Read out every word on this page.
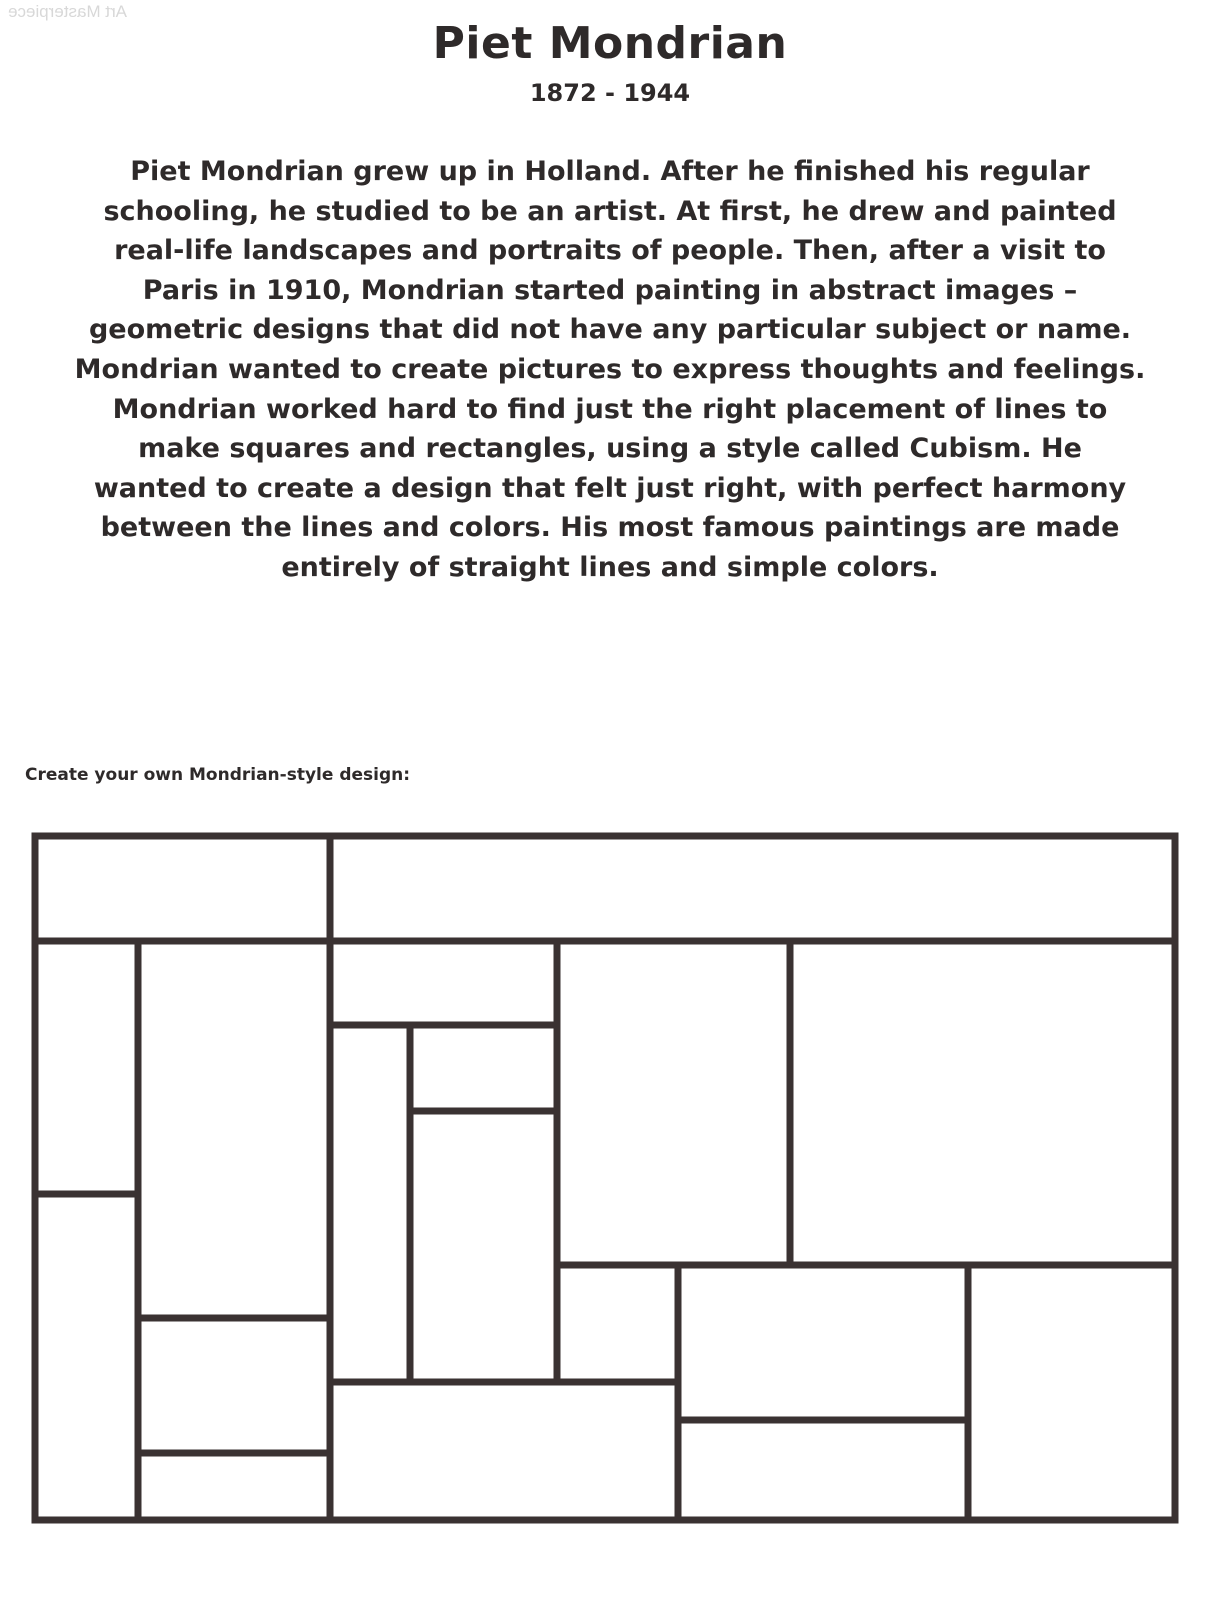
Art Masterpiece
Piet Mondrian
1872 - 1944
Piet Mondrian grew up in Holland. After he finished his regular
schooling, he studied to be an artist. At first, he drew and painted
real-life landscapes and portraits of people. Then, after a visit to
Paris in 1910, Mondrian started painting in abstract images –
geometric designs that did not have any particular subject or name.
Mondrian wanted to create pictures to express thoughts and feelings.
Mondrian worked hard to find just the right placement of lines to
make squares and rectangles, using a style called Cubism. He
wanted to create a design that felt just right, with perfect harmony
between the lines and colors. His most famous paintings are made
entirely of straight lines and simple colors.
Create your own Mondrian-style design:
